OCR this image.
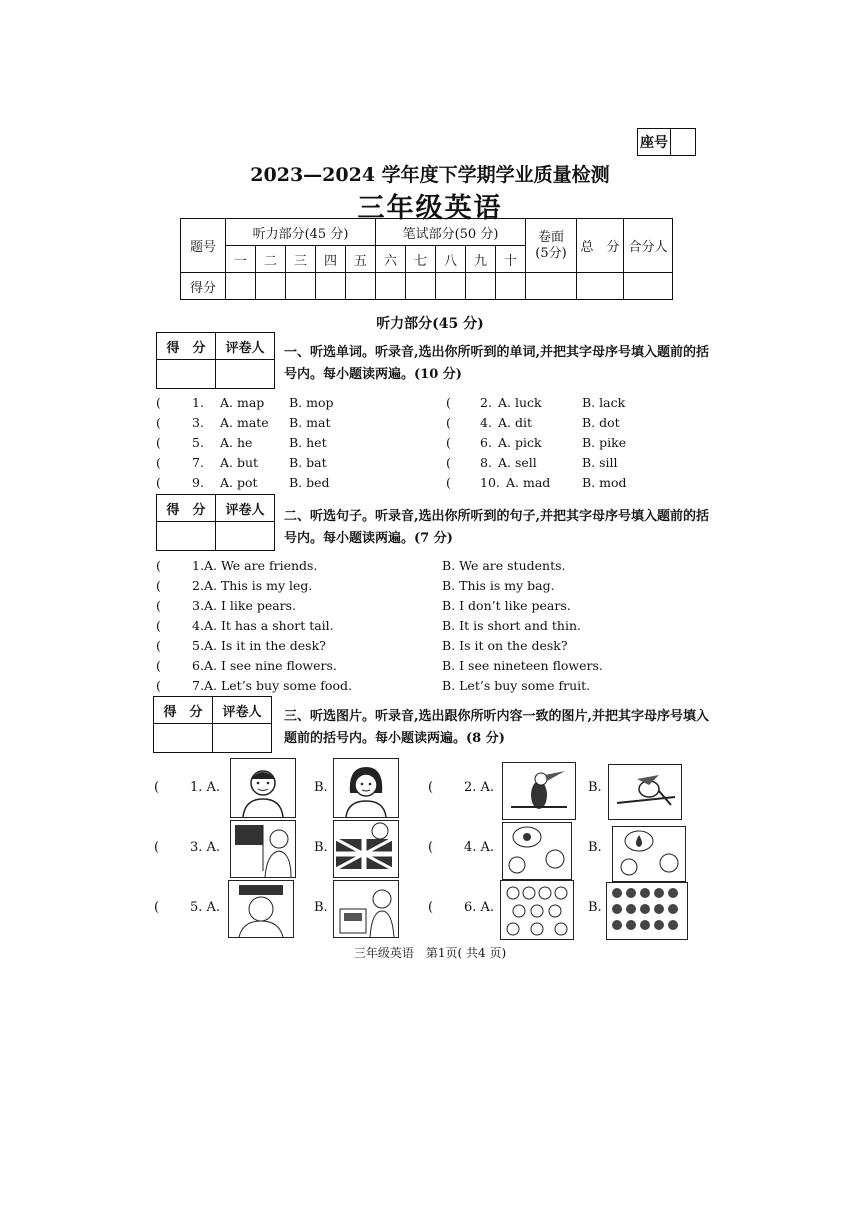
座号
2023—2024 学年度下学期学业质量检测
三年级英语
题号	听力部分(45 分)					笔试部分(50 分)					卷面
(5分)	总　分	合分人
	一	二	三	四	五	六	七	八	九	十			
得分													
听力部分(45 分)
得　分	评卷人
	一、听选单词。听录音,选出你所听到的单词,并把其字母序号填入题前的括号内。每小题读两遍。(10 分)
( 1. A. map B. mop	( 2. A. luck	B. lack
( 3. A. mate B. mat	( 4. A. dit	B. dot
( 5. A. he	B. het	( 6. A. pick	B. pike
( 7. A. but B. bat	( 8. A. sell	B. sill
( 9. A. pot	B. bed	( 10. A. mad	B. mod
得　分	评卷人
	二、听选句子。听录音,选出你所听到的句子,并把其字母序号填入题前的括号内。每小题读两遍。(7 分)
( 1. A. We are friends.	B. We are students.
( 2. A. This is my leg.	B. This is my bag.
( 3. A. I like pears.	B. I don’t like pears.
( 4. A. It has a short tail.	B. It is short and thin.
( 5. A. Is it in the desk?	B. Is it on the desk?
( 6. A. I see nine flowers.	B. I see nineteen flowers.
( 7. A. Let’s buy some food.	B. Let’s buy some fruit.
得　分	评卷人
	三、听选图片。听录音,选出跟你所听内容一致的图片,并把其字母序号填入题前的括号内。每小题读两遍。(8 分)
( 1. A.	B.	( 2. A.	B.
( 3. A.	B.	( 4. A.	B.
( 5. A.	B.	( 6. A.	B.
三年级英语　第1页( 共4 页)
